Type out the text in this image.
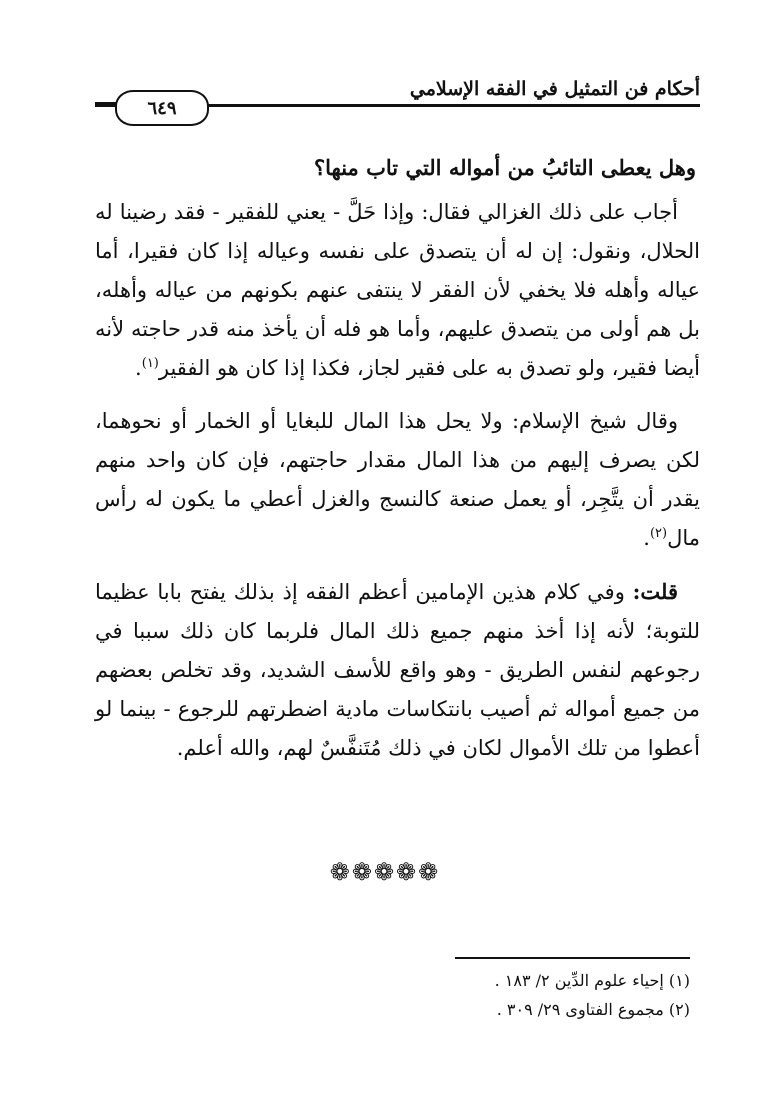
أحكام فن التمثيل في الفقه الإسلامي
٦٤٩

وهل يعطى التائبُ من أمواله التي تاب منها؟

أجاب على ذلك الغزالي فقال: وإذا حَلَّ - يعني للفقير - فقد رضينا له الحلال، ونقول: إن له أن يتصدق على نفسه وعياله إذا كان فقيرا، أما عياله وأهله فلا يخفي لأن الفقر لا ينتفى عنهم بكونهم من عياله وأهله، بل هم أولى من يتصدق عليهم، وأما هو فله أن يأخذ منه قدر حاجته لأنه أيضا فقير، ولو تصدق به على فقير لجاز، فكذا إذا كان هو الفقير$^{(١)}$.

وقال شيخ الإسلام: ولا يحل هذا المال للبغايا أو الخمار أو نحوهما، لكن يصرف إليهم من هذا المال مقدار حاجتهم، فإن كان واحد منهم يقدر أن يتَّجِر، أو يعمل صنعة كالنسج والغزل أعطي ما يكون له رأس مال$^{(٢)}$.

قلت: وفي كلام هذين الإمامين أعظم الفقه إذ بذلك يفتح بابا عظيما للتوبة؛ لأنه إذا أخذ منهم جميع ذلك المال فلربما كان ذلك سببا في رجوعهم لنفس الطريق - وهو واقع للأسف الشديد، وقد تخلص بعضهم من جميع أمواله ثم أصيب بانتكاسات مادية اضطرتهم للرجوع - بينما لو أعطوا من تلك الأموال لكان في ذلك مُتَنفَّسٌ لهم، والله أعلم.

❁❁❁❁❁
(١) إحياء علوم الدِّين ٢/ ١٨٣ .
(٢) مجموع الفتاوى ٢٩/ ٣٠٩ .
